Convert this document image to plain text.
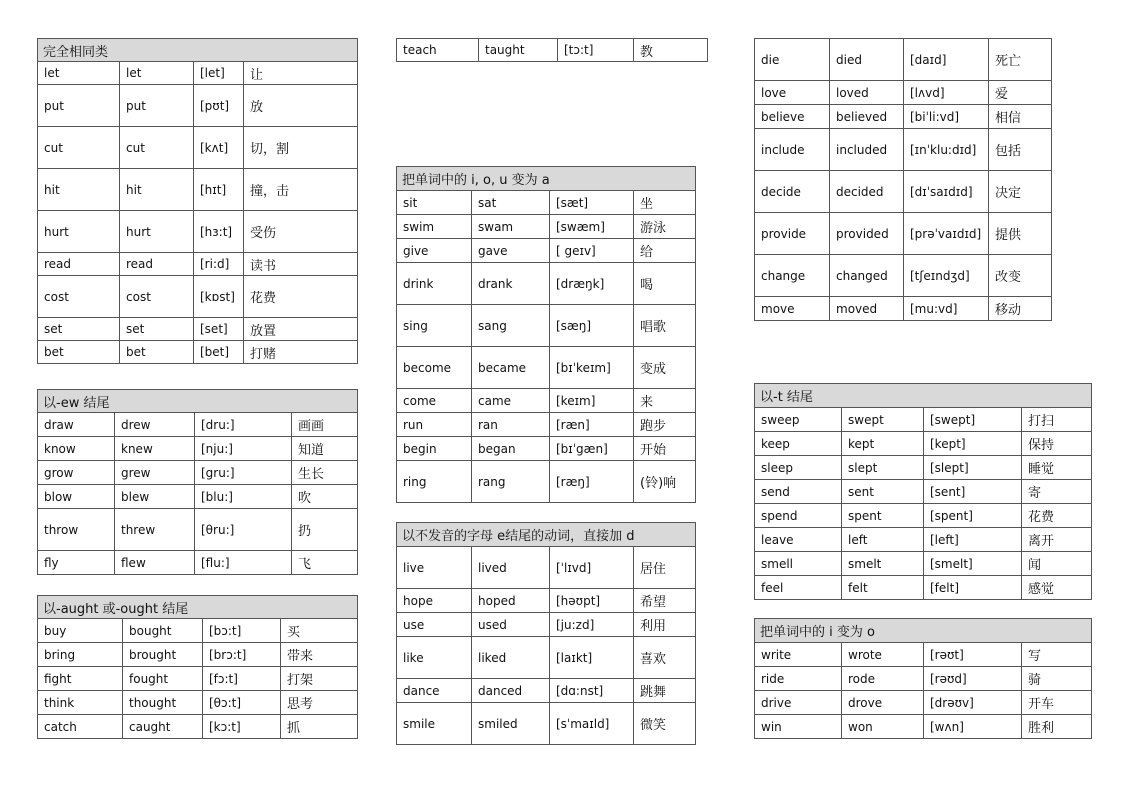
完全相同类			
let	let	[let]	让
put	put	[pʊt]	放
cut	cut	[kʌt]	切，割
hit	hit	[hɪt]	撞，击
hurt	hurt	[hɜ:t]	受伤
read	read	[ri:d]	读书
cost	cost	[kɒst]	花费
set	set	[set]	放置
bet	bet	[bet]	打赌
以-ew 结尾			
draw	drew	[dru:]	画画
know	knew	[nju:]	知道
grow	grew	[gru:]	生长
blow	blew	[blu:]	吹
throw	threw	[θru:]	扔
fly	flew	[flu:]	飞
以-aught 或-ought 结尾			
buy	bought	[bɔ:t]	买
bring	brought	[brɔ:t]	带来
fight	fought	[fɔ:t]	打架
think	thought	[θɔ:t]	思考
catch	caught	[kɔ:t]	抓
teach	taught	[tɔ:t]	教
把单词中的 i, o, u 变为 a			
sit	sat	[sæt]	坐
swim	swam	[swæm]	游泳
give	gave	[ geɪv]	给
drink	drank	[dræŋk]	喝
sing	sang	[sæŋ]	唱歌
become	became	[bɪˈkeɪm]	变成
come	came	[keɪm]	来
run	ran	[ræn]	跑步
begin	began	[bɪˈgæn]	开始
ring	rang	[ræŋ]	(铃)响
以不发音的字母 e结尾的动词，直接加 d			
live	lived	[ˈlɪvd]	居住
hope	hoped	[həʊpt]	希望
use	used	[ju:zd]	利用
like	liked	[laɪkt]	喜欢
dance	danced	[dɑ:nst]	跳舞
smile	smiled	[sˈmaɪld]	微笑
die	died	[daɪd]	死亡
love	loved	[lʌvd]	爱
believe	believed	[biˈli:vd]	相信
include	included	[ɪnˈklu:dɪd]	包括
decide	decided	[dɪˈsaɪdɪd]	决定
provide	provided	[prəˈvaɪdɪd]	提供
change	changed	[tʃeɪndʒd]	改变
move	moved	[mu:vd]	移动
以-t 结尾			
sweep	swept	[swept]	打扫
keep	kept	[kept]	保持
sleep	slept	[slept]	睡觉
send	sent	[sent]	寄
spend	spent	[spent]	花费
leave	left	[left]	离开
smell	smelt	[smelt]	闻
feel	felt	[felt]	感觉
把单词中的 i 变为 o			
write	wrote	[rəʊt]	写
ride	rode	[rəʊd]	骑
drive	drove	[drəʊv]	开车
win	won	[wʌn]	胜利
